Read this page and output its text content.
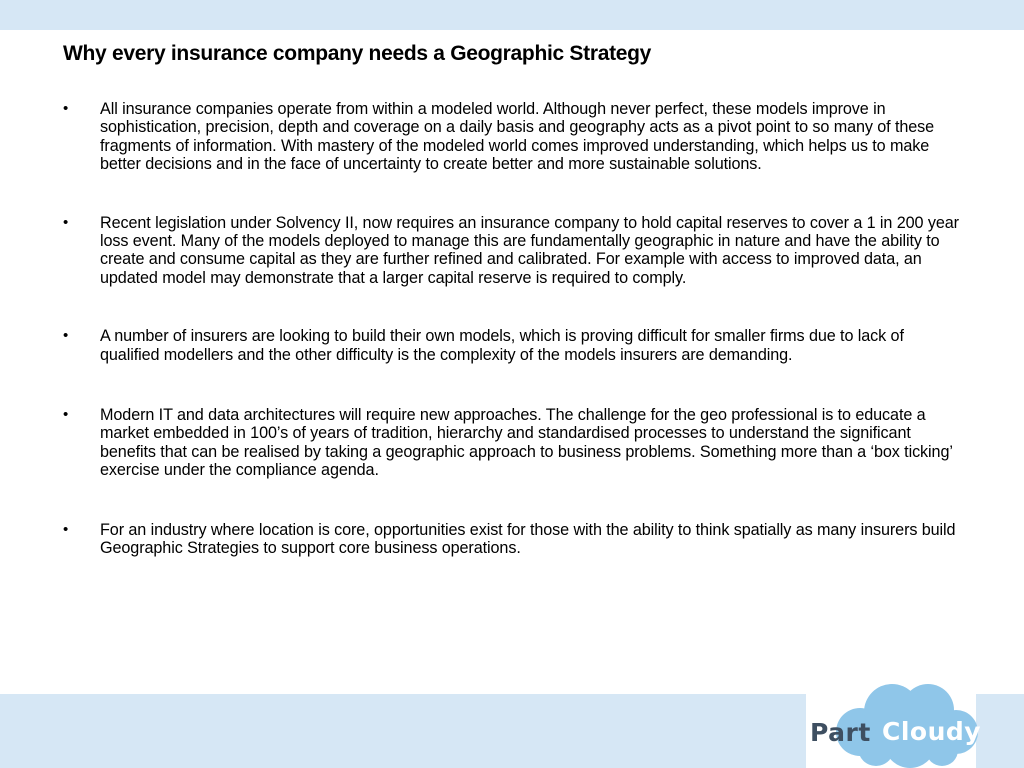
Why every insurance company needs a Geographic Strategy
• All insurance companies operate from within a modeled world. Although never perfect, these models improve in sophistication, precision, depth and coverage on a daily basis and geography acts as a pivot point to so many of these fragments of information. With mastery of the modeled world comes improved understanding, which helps us to make better decisions and in the face of uncertainty to create better and more sustainable solutions.
• Recent legislation under Solvency II, now requires an insurance company to hold capital reserves to cover a 1 in 200 year loss event. Many of the models deployed to manage this are fundamentally geographic in nature and have the ability to create and consume capital as they are further refined and calibrated. For example with access to improved data, an updated model may demonstrate that a larger capital reserve is required to comply.
• A number of insurers are looking to build their own models, which is proving difficult for smaller firms due to lack of qualified modellers and the other difficulty is the complexity of the models insurers are demanding.
• Modern IT and data architectures will require new approaches. The challenge for the geo professional is to educate a market embedded in 100’s of years of tradition, hierarchy and standardised processes to understand the significant benefits that can be realised by taking a geographic approach to business problems. Something more than a ‘box ticking’ exercise under the compliance agenda.
• For an industry where location is core, opportunities exist for those with the ability to think spatially as many insurers build Geographic Strategies to support core business operations.
Part Cloudy
